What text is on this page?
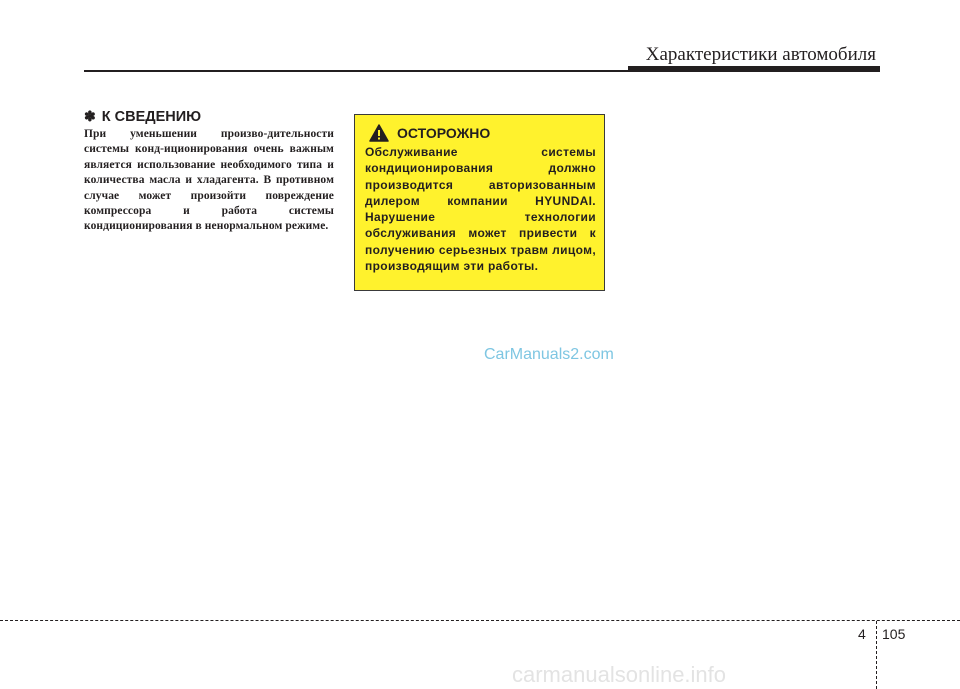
Характеристики автомобиля
✽ К СВЕДЕНИЮ
При уменьшении произво-дительности системы конд-иционирования очень важным является использование необходимого типа и количества масла и хладагента. В противном случае может произойти повреждение компрессора и работа системы кондиционирования в ненормальном режиме.
ОСТОРОЖНО
Обслуживание системы кондиционирования должно производится авторизованным дилером компании HYUNDAI. Нарушение технологии обслуживания может привести к получению серьезных травм лицом, производящим эти работы.
CarManuals2.com
4 105
carmanualsonline.info
